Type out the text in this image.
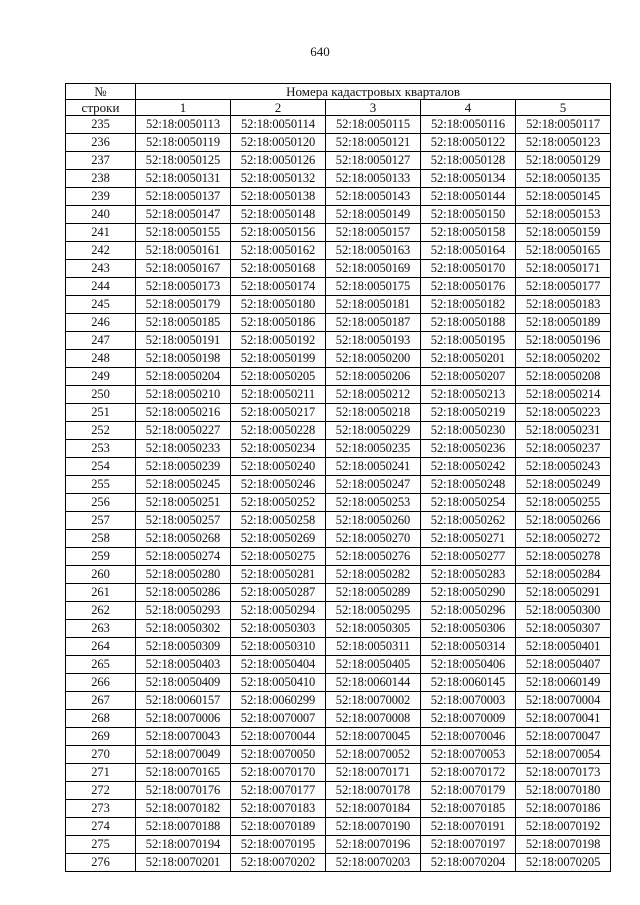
640
№	Номера кадастровых кварталов				
строки	1	2	3	4	5
235	52:18:0050113	52:18:0050114	52:18:0050115	52:18:0050116	52:18:0050117
236	52:18:0050119	52:18:0050120	52:18:0050121	52:18:0050122	52:18:0050123
237	52:18:0050125	52:18:0050126	52:18:0050127	52:18:0050128	52:18:0050129
238	52:18:0050131	52:18:0050132	52:18:0050133	52:18:0050134	52:18:0050135
239	52:18:0050137	52:18:0050138	52:18:0050143	52:18:0050144	52:18:0050145
240	52:18:0050147	52:18:0050148	52:18:0050149	52:18:0050150	52:18:0050153
241	52:18:0050155	52:18:0050156	52:18:0050157	52:18:0050158	52:18:0050159
242	52:18:0050161	52:18:0050162	52:18:0050163	52:18:0050164	52:18:0050165
243	52:18:0050167	52:18:0050168	52:18:0050169	52:18:0050170	52:18:0050171
244	52:18:0050173	52:18:0050174	52:18:0050175	52:18:0050176	52:18:0050177
245	52:18:0050179	52:18:0050180	52:18:0050181	52:18:0050182	52:18:0050183
246	52:18:0050185	52:18:0050186	52:18:0050187	52:18:0050188	52:18:0050189
247	52:18:0050191	52:18:0050192	52:18:0050193	52:18:0050195	52:18:0050196
248	52:18:0050198	52:18:0050199	52:18:0050200	52:18:0050201	52:18:0050202
249	52:18:0050204	52:18:0050205	52:18:0050206	52:18:0050207	52:18:0050208
250	52:18:0050210	52:18:0050211	52:18:0050212	52:18:0050213	52:18:0050214
251	52:18:0050216	52:18:0050217	52:18:0050218	52:18:0050219	52:18:0050223
252	52:18:0050227	52:18:0050228	52:18:0050229	52:18:0050230	52:18:0050231
253	52:18:0050233	52:18:0050234	52:18:0050235	52:18:0050236	52:18:0050237
254	52:18:0050239	52:18:0050240	52:18:0050241	52:18:0050242	52:18:0050243
255	52:18:0050245	52:18:0050246	52:18:0050247	52:18:0050248	52:18:0050249
256	52:18:0050251	52:18:0050252	52:18:0050253	52:18:0050254	52:18:0050255
257	52:18:0050257	52:18:0050258	52:18:0050260	52:18:0050262	52:18:0050266
258	52:18:0050268	52:18:0050269	52:18:0050270	52:18:0050271	52:18:0050272
259	52:18:0050274	52:18:0050275	52:18:0050276	52:18:0050277	52:18:0050278
260	52:18:0050280	52:18:0050281	52:18:0050282	52:18:0050283	52:18:0050284
261	52:18:0050286	52:18:0050287	52:18:0050289	52:18:0050290	52:18:0050291
262	52:18:0050293	52:18:0050294	52:18:0050295	52:18:0050296	52:18:0050300
263	52:18:0050302	52:18:0050303	52:18:0050305	52:18:0050306	52:18:0050307
264	52:18:0050309	52:18:0050310	52:18:0050311	52:18:0050314	52:18:0050401
265	52:18:0050403	52:18:0050404	52:18:0050405	52:18:0050406	52:18:0050407
266	52:18:0050409	52:18:0050410	52:18:0060144	52:18:0060145	52:18:0060149
267	52:18:0060157	52:18:0060299	52:18:0070002	52:18:0070003	52:18:0070004
268	52:18:0070006	52:18:0070007	52:18:0070008	52:18:0070009	52:18:0070041
269	52:18:0070043	52:18:0070044	52:18:0070045	52:18:0070046	52:18:0070047
270	52:18:0070049	52:18:0070050	52:18:0070052	52:18:0070053	52:18:0070054
271	52:18:0070165	52:18:0070170	52:18:0070171	52:18:0070172	52:18:0070173
272	52:18:0070176	52:18:0070177	52:18:0070178	52:18:0070179	52:18:0070180
273	52:18:0070182	52:18:0070183	52:18:0070184	52:18:0070185	52:18:0070186
274	52:18:0070188	52:18:0070189	52:18:0070190	52:18:0070191	52:18:0070192
275	52:18:0070194	52:18:0070195	52:18:0070196	52:18:0070197	52:18:0070198
276	52:18:0070201	52:18:0070202	52:18:0070203	52:18:0070204	52:18:0070205
